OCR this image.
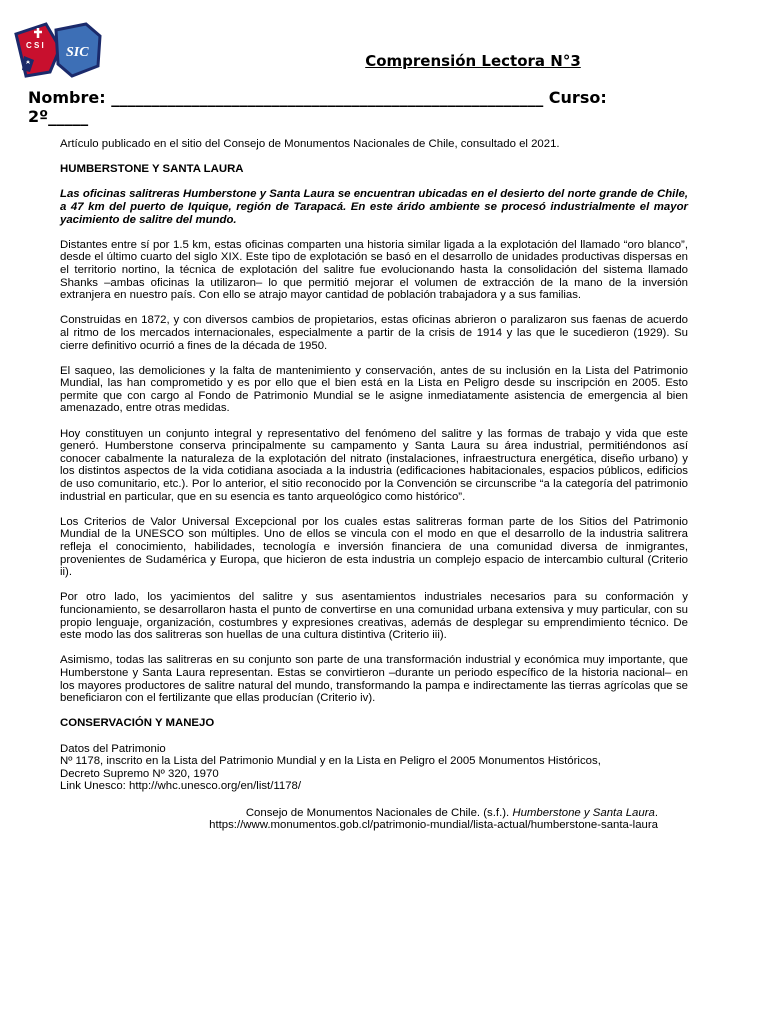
C S I SIC	Comprensión Lectora N°3
Nombre: ______________________________________________________ Curso:
2º_____

Artículo publicado en el sitio del Consejo de Monumentos Nacionales de Chile, consultado el 2021.

HUMBERSTONE Y SANTA LAURA

Las oficinas salitreras Humberstone y Santa Laura se encuentran ubicadas en el desierto del norte grande de Chile, a 47 km del puerto de Iquique, región de Tarapacá. En este árido ambiente se procesó industrialmente el mayor yacimiento de salitre del mundo.

Distantes entre sí por 1.5 km, estas oficinas comparten una historia similar ligada a la explotación del llamado “oro blanco”, desde el último cuarto del siglo XIX. Este tipo de explotación se basó en el desarrollo de unidades productivas dispersas en el territorio nortino, la técnica de explotación del salitre fue evolucionando hasta la consolidación del sistema llamado Shanks –ambas oficinas la utilizaron– lo que permitió mejorar el volumen de extracción de la mano de la inversión extranjera en nuestro país. Con ello se atrajo mayor cantidad de población trabajadora y a sus familias.

Construidas en 1872, y con diversos cambios de propietarios, estas oficinas abrieron o paralizaron sus faenas de acuerdo al ritmo de los mercados internacionales, especialmente a partir de la crisis de 1914 y las que le sucedieron (1929). Su cierre definitivo ocurrió a fines de la década de 1950.

El saqueo, las demoliciones y la falta de mantenimiento y conservación, antes de su inclusión en la Lista del Patrimonio Mundial, las han comprometido y es por ello que el bien está en la Lista en Peligro desde su inscripción en 2005. Esto permite que con cargo al Fondo de Patrimonio Mundial se le asigne inmediatamente asistencia de emergencia al bien amenazado, entre otras medidas.

Hoy constituyen un conjunto integral y representativo del fenómeno del salitre y las formas de trabajo y vida que este generó. Humberstone conserva principalmente su campamento y Santa Laura su área industrial, permitiéndonos así conocer cabalmente la naturaleza de la explotación del nitrato (instalaciones, infraestructura energética, diseño urbano) y los distintos aspectos de la vida cotidiana asociada a la industria (edificaciones habitacionales, espacios públicos, edificios de uso comunitario, etc.). Por lo anterior, el sitio reconocido por la Convención se circunscribe “a la categoría del patrimonio industrial en particular, que en su esencia es tanto arqueológico como histórico”.

Los Criterios de Valor Universal Excepcional por los cuales estas salitreras forman parte de los Sitios del Patrimonio Mundial de la UNESCO son múltiples. Uno de ellos se vincula con el modo en que el desarrollo de la industria salitrera refleja el conocimiento, habilidades, tecnología e inversión financiera de una comunidad diversa de inmigrantes, provenientes de Sudamérica y Europa, que hicieron de esta industria un complejo espacio de intercambio cultural (Criterio ii).

Por otro lado, los yacimientos del salitre y sus asentamientos industriales necesarios para su conformación y funcionamiento, se desarrollaron hasta el punto de convertirse en una comunidad urbana extensiva y muy particular, con su propio lenguaje, organización, costumbres y expresiones creativas, además de desplegar su emprendimiento técnico. De este modo las dos salitreras son huellas de una cultura distintiva (Criterio iii).

Asimismo, todas las salitreras en su conjunto son parte de una transformación industrial y económica muy importante, que Humberstone y Santa Laura representan. Estas se convirtieron –durante un periodo específico de la historia nacional– en los mayores productores de salitre natural del mundo, transformando la pampa e indirectamente las tierras agrícolas que se beneficiaron con el fertilizante que ellas producían (Criterio iv).

CONSERVACIÓN Y MANEJO

Datos del Patrimonio

Nº 1178, inscrito en la Lista del Patrimonio Mundial y en la Lista en Peligro el 2005 Monumentos Históricos,

Decreto Supremo Nº 320, 1970

Link Unesco: http://whc.unesco.org/en/list/1178/

Consejo de Monumentos Nacionales de Chile. (s.f.). Humberstone y Santa Laura.
https://www.monumentos.gob.cl/patrimonio-mundial/lista-actual/humberstone-santa-laura
